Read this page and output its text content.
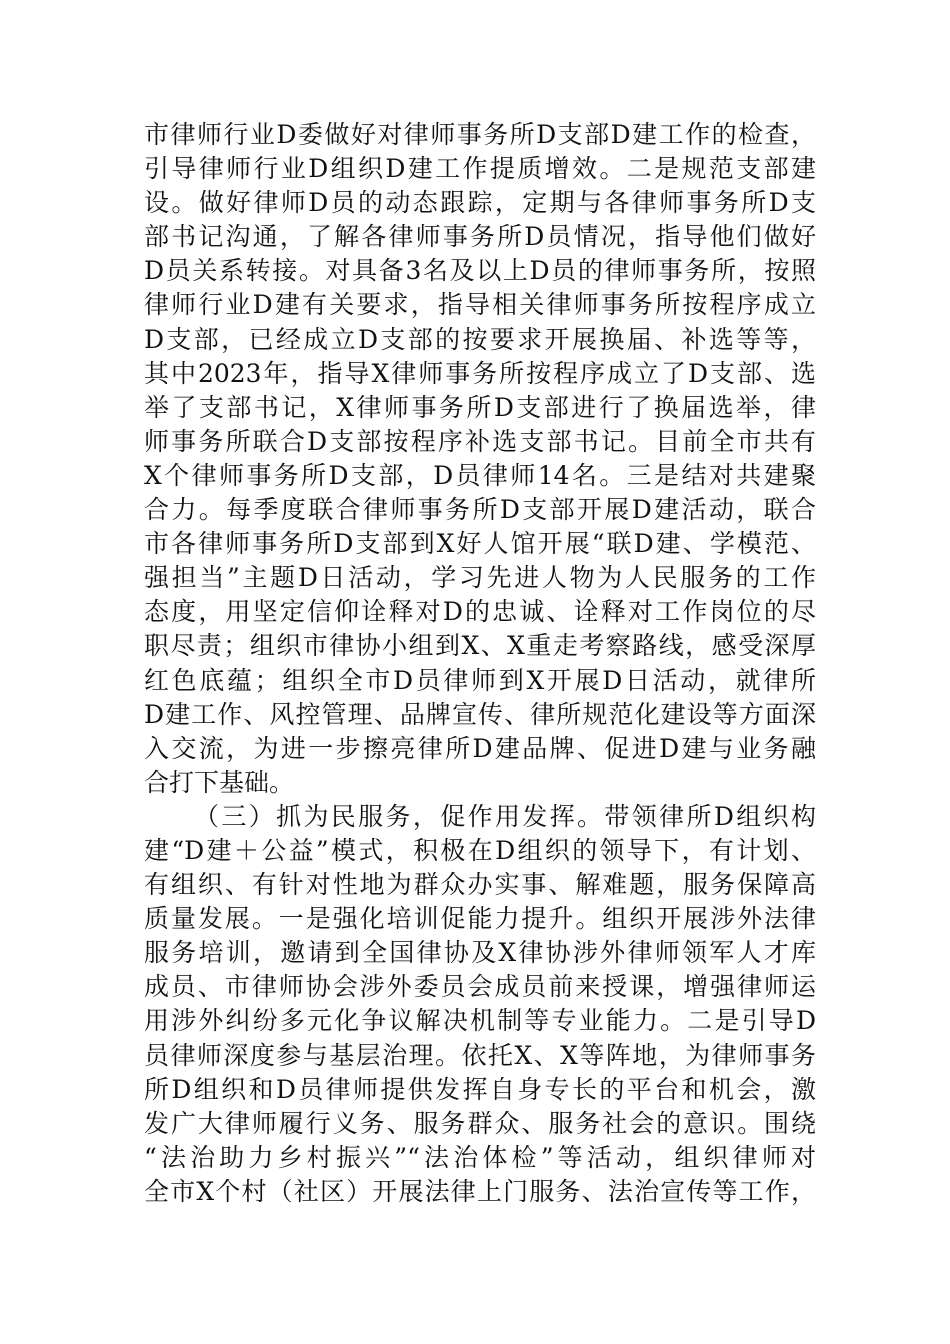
市律师行业D委做好对律师事务所D支部D建工作的检查，
引导律师行业D组织D建工作提质增效。二是规范支部建
设。做好律师D员的动态跟踪，定期与各律师事务所D支
部书记沟通，了解各律师事务所D员情况，指导他们做好
D员关系转接。对具备3名及以上D员的律师事务所，按照
律师行业D建有关要求，指导相关律师事务所按程序成立
D支部，已经成立D支部的按要求开展换届、补选等等，
其中2023年，指导X律师事务所按程序成立了D支部、选
举了支部书记，X律师事务所D支部进行了换届选举，律
师事务所联合D支部按程序补选支部书记。目前全市共有
X个律师事务所D支部，D员律师14名。三是结对共建聚
合力。每季度联合律师事务所D支部开展D建活动，联合
市各律师事务所D支部到X好人馆开展“联D建、学模范、
强担当”主题D日活动，学习先进人物为人民服务的工作
态度，用坚定信仰诠释对D的忠诚、诠释对工作岗位的尽
职尽责；组织市律协小组到X、X重走考察路线，感受深厚
红色底蕴；组织全市D员律师到X开展D日活动，就律所
D建工作、风控管理、品牌宣传、律所规范化建设等方面深
入交流，为进一步擦亮律所D建品牌、促进D建与业务融
合打下基础。
（三）抓为民服务，促作用发挥。带领律所D组织构
建“D建＋公益”模式，积极在D组织的领导下，有计划、
有组织、有针对性地为群众办实事、解难题，服务保障高
质量发展。一是强化培训促能力提升。组织开展涉外法律
服务培训，邀请到全国律协及X律协涉外律师领军人才库
成员、市律师协会涉外委员会成员前来授课，增强律师运
用涉外纠纷多元化争议解决机制等专业能力。二是引导D
员律师深度参与基层治理。依托X、X等阵地，为律师事务
所D组织和D员律师提供发挥自身专长的平台和机会，激
发广大律师履行义务、服务群众、服务社会的意识。围绕
“法治助力乡村振兴”“法治体检”等活动，组织律师对
全市X个村（社区）开展法律上门服务、法治宣传等工作，
